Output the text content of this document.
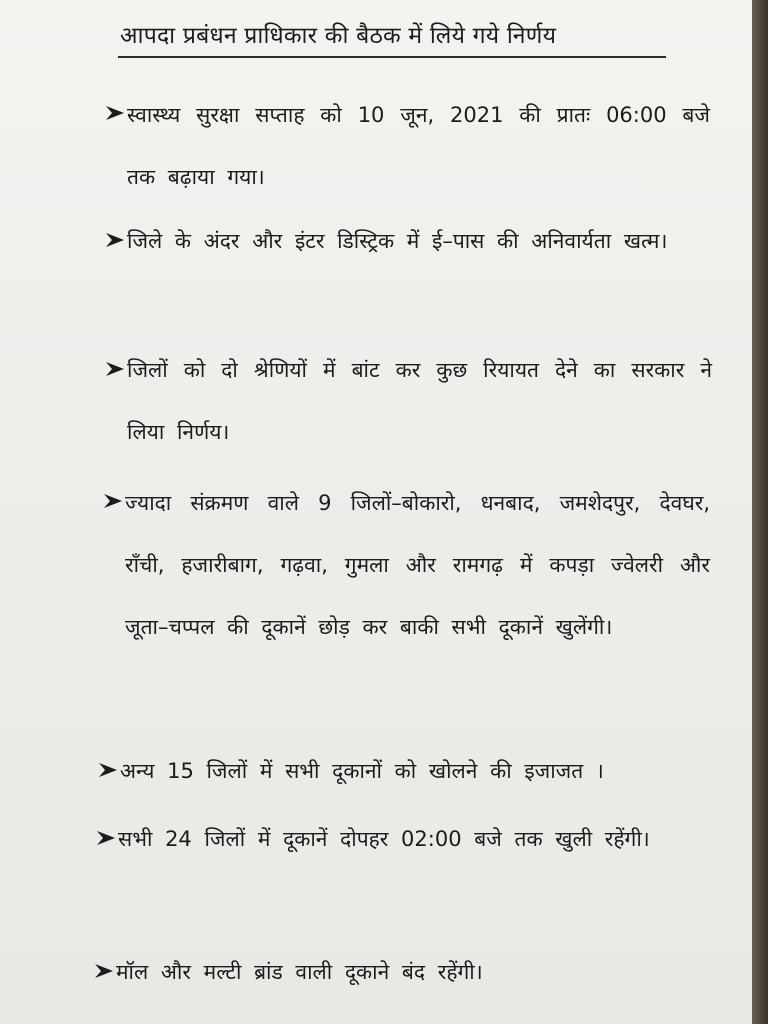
आपदा प्रबंधन प्राधिकार की बैठक में लिये गये निर्णय

स्वास्थ्य सुरक्षा सप्ताह को 10 जून, 2021 की प्रातः 06:00 बजे तक बढ़ाया गया।

जिले के अंदर और इंटर डिस्ट्रिक में ई–पास की अनिवार्यता खत्म।

जिलों को दो श्रेणियों में बांट कर कुछ रियायत देने का सरकार ने लिया निर्णय।

ज्यादा संक्रमण वाले 9 जिलों–बोकारो, धनबाद, जमशेदपुर, देवघर, राँची, हजारीबाग, गढ़वा, गुमला और रामगढ़ में कपड़ा ज्वेलरी और जूता–चप्पल की दूकानें छोड़ कर बाकी सभी दूकानें खुलेंगी।

अन्य 15 जिलों में सभी दूकानों को खोलने की इजाजत ।

सभी 24 जिलों में दूकानें दोपहर 02:00 बजे तक खुली रहेंगी।

मॉल और मल्टी ब्रांड वाली दूकाने बंद रहेंगी।
